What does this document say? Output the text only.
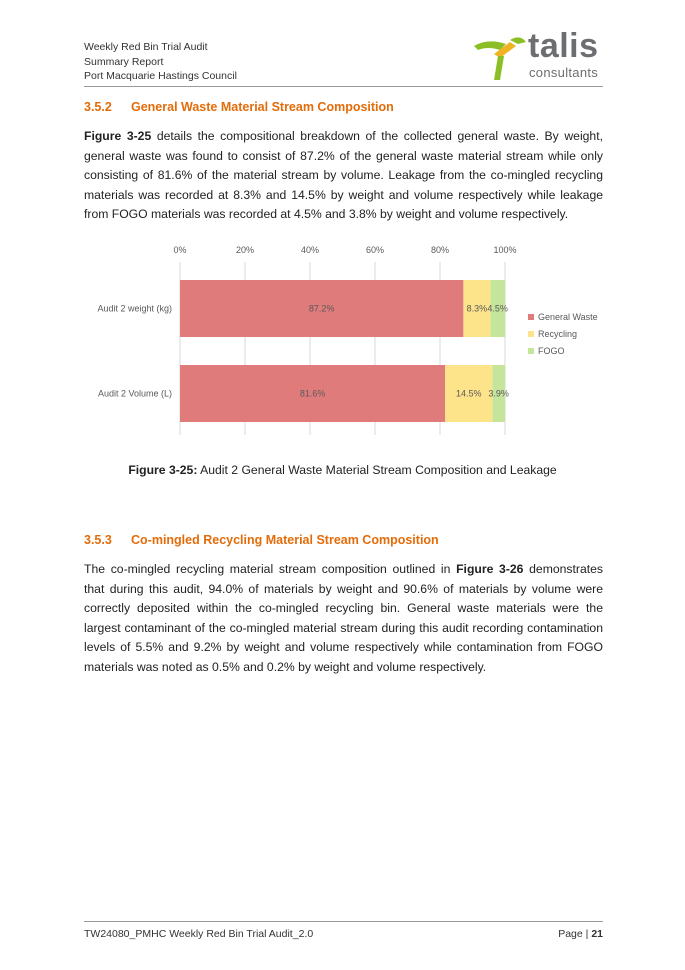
Weekly Red Bin Trial Audit
Summary Report
Port Macquarie Hastings Council
talis
consultants
3.5.2 General Waste Material Stream Composition
Figure 3-25 details the compositional breakdown of the collected general waste. By weight, general waste was found to consist of 87.2% of the general waste material stream while only consisting of 81.6% of the material stream by volume. Leakage from the co-mingled recycling materials was recorded at 8.3% and 14.5% by weight and volume respectively while leakage from FOGO materials was recorded at 4.5% and 3.8% by weight and volume respectively.
0%	20%	40%	60%	80%	100%
Audit 2 weight (kg)	87.2%	8.3% 4.5%
Audit 2 Volume (L)	81.6%	14.5% 3.9%
General Waste
Recycling
FOGO
Figure 3-25: Audit 2 General Waste Material Stream Composition and Leakage
3.5.3 Co-mingled Recycling Material Stream Composition
The co-mingled recycling material stream composition outlined in Figure 3-26 demonstrates that during this audit, 94.0% of materials by weight and 90.6% of materials by volume were correctly deposited within the co-mingled recycling bin. General waste materials were the largest contaminant of the co-mingled material stream during this audit recording contamination levels of 5.5% and 9.2% by weight and volume respectively while contamination from FOGO materials was noted as 0.5% and 0.2% by weight and volume respectively.
TW24080_PMHC Weekly Red Bin Trial Audit_2.0	Page | 21
